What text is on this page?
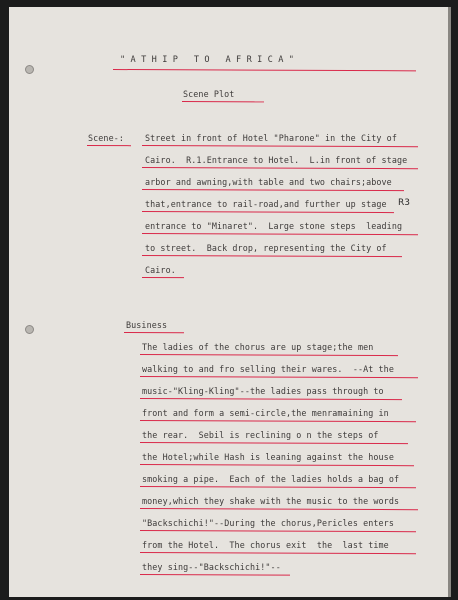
" A T H I P   T O   A F R I C A "
Scene Plot
Scene-:	Street in front of Hotel "Pharone" in the City of
Cairo.  R.1.Entrance to Hotel.  L.in front of stage
arbor and awning,with table and two chairs;above
that,entrance to rail-road,and further up stage R3
entrance to "Minaret".  Large stone steps  leading
to street.  Back drop, representing the City of
Cairo.
Business
The ladies of the chorus are up stage;the men
walking to and fro selling their wares.  --At the
music-"Kling-Kling"--the ladies pass through to
front and form a semi-circle,the menramaining in
the rear.  Sebil is reclining o n the steps of
the Hotel;while Hash is leaning against the house
smoking a pipe.  Each of the ladies holds a bag of
money,which they shake with the music to the words
"Backschichi!"--During the chorus,Pericles enters
from the Hotel.  The chorus exit  the  last time
they sing--"Backschichi!"--
